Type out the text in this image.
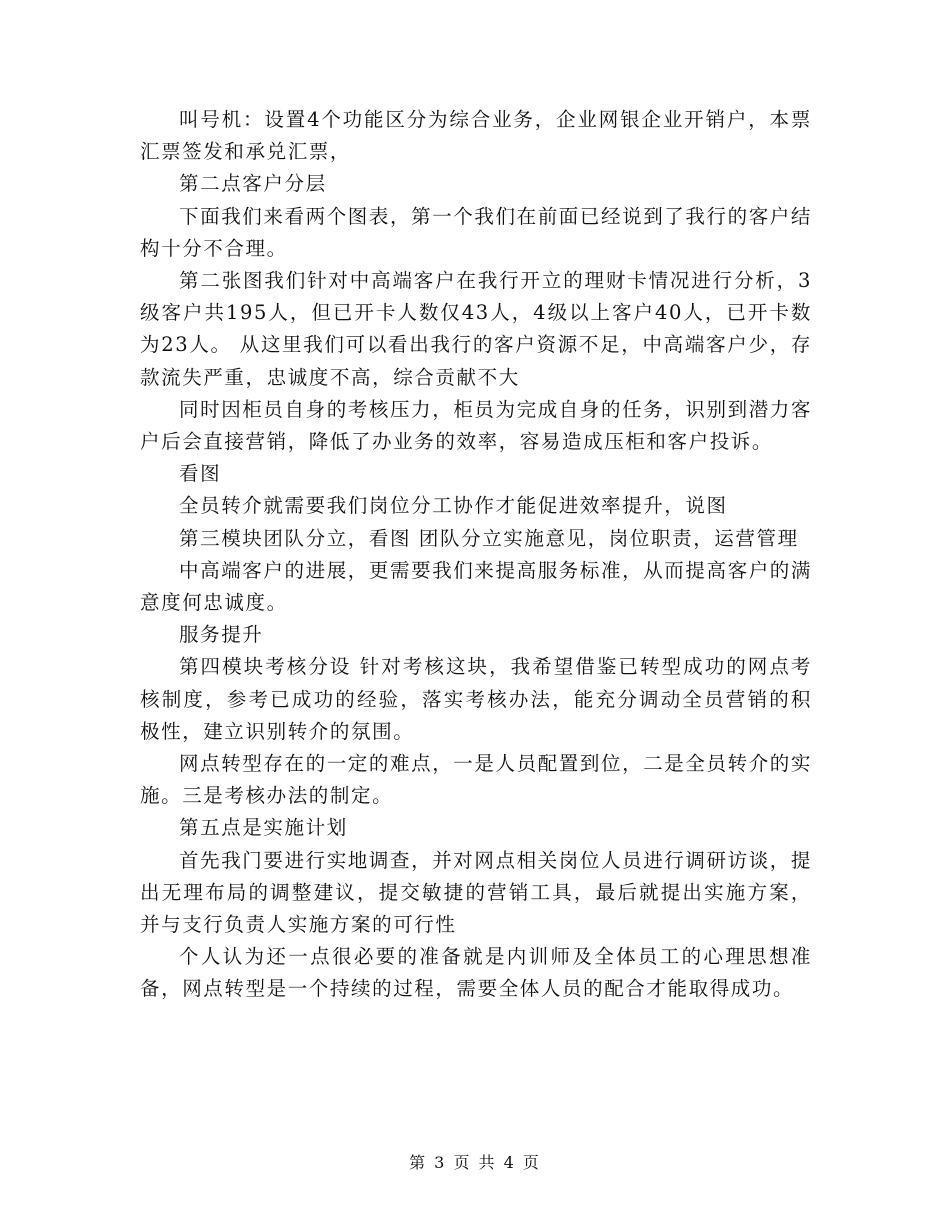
叫号机：设置4个功能区分为综合业务，企业网银企业开销户，本票汇票签发和承兑汇票，

第二点客户分层

下面我们来看两个图表，第一个我们在前面已经说到了我行的客户结构十分不合理。

第二张图我们针对中高端客户在我行开立的理财卡情况进行分析，3级客户共195人，但已开卡人数仅43人，4级以上客户40人，已开卡数为23人。 从这里我们可以看出我行的客户资源不足，中高端客户少，存款流失严重，忠诚度不高，综合贡献不大

同时因柜员自身的考核压力，柜员为完成自身的任务，识别到潜力客户后会直接营销，降低了办业务的效率，容易造成压柜和客户投诉。

看图

全员转介就需要我们岗位分工协作才能促进效率提升，说图

第三模块团队分立，看图 团队分立实施意见，岗位职责，运营管理

中高端客户的进展，更需要我们来提高服务标准，从而提高客户的满意度何忠诚度。

服务提升

第四模块考核分设 针对考核这块，我希望借鉴已转型成功的网点考核制度，参考已成功的经验，落实考核办法，能充分调动全员营销的积极性，建立识别转介的氛围。

网点转型存在的一定的难点，一是人员配置到位，二是全员转介的实施。三是考核办法的制定。

第五点是实施计划

首先我门要进行实地调查，并对网点相关岗位人员进行调研访谈，提出无理布局的调整建议，提交敏捷的营销工具，最后就提出实施方案，并与支行负责人实施方案的可行性

个人认为还一点很必要的准备就是内训师及全体员工的心理思想准备，网点转型是一个持续的过程，需要全体人员的配合才能取得成功。

第 3 页 共 4 页
